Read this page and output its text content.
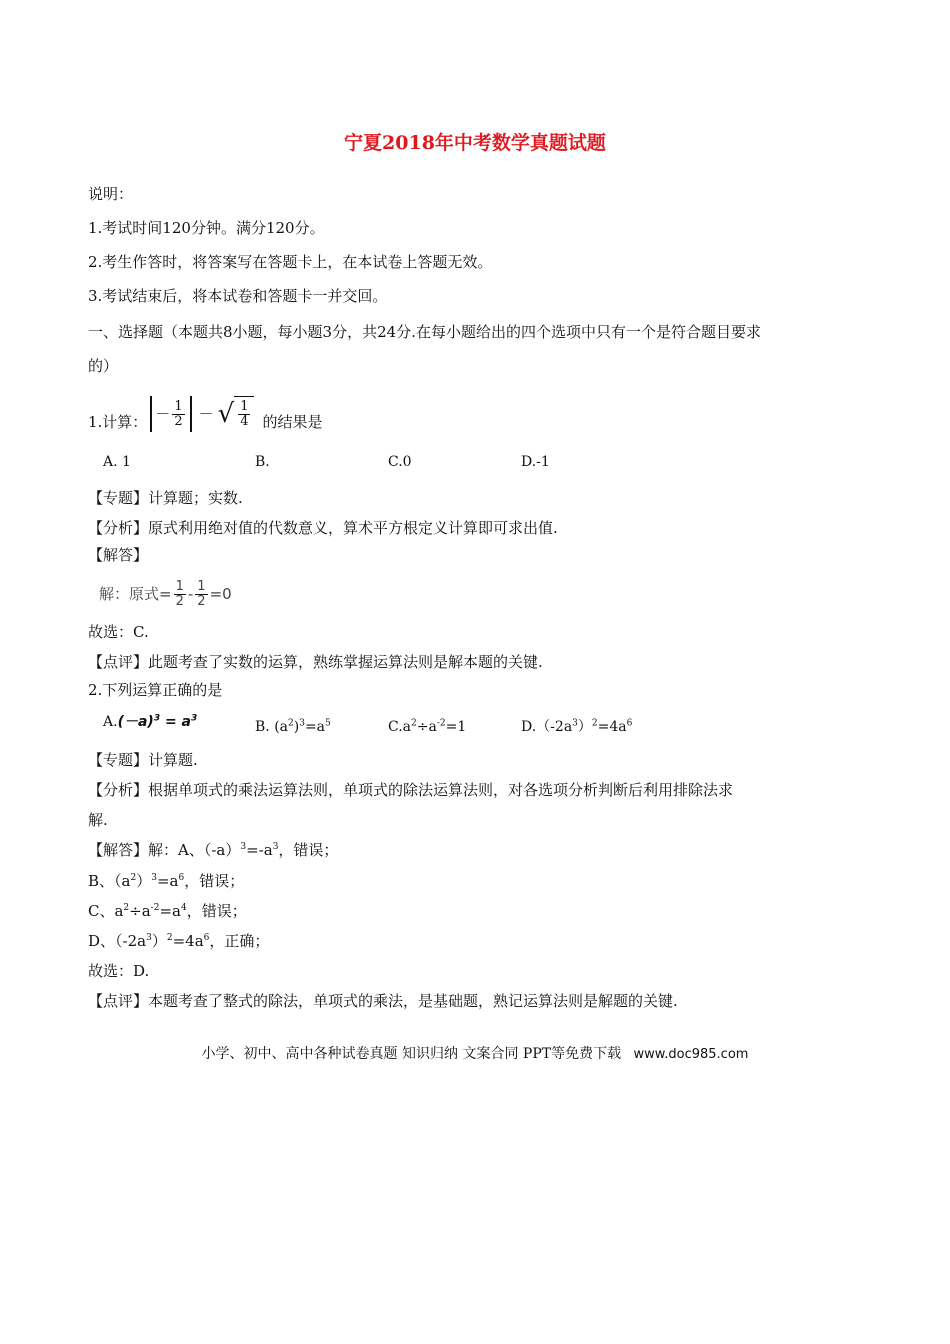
宁夏2018年中考数学真题试题
说明：
1.考试时间120分钟。满分120分。
2.考生作答时，将答案写在答题卡上，在本试卷上答题无效。
3.考试结束后，将本试卷和答题卡一并交回。
一、选择题（本题共8小题，每小题3分，共24分.在每小题给出的四个选项中只有一个是符合题目要求
的）
1.计算： － $\frac{1}{2}$ － √ $\frac{1}{4}$ 的结果是
A. 1	B.	C.0	D.-1
【专题】计算题；实数.
【分析】原式利用绝对值的代数意义，算术平方根定义计算即可求出值.
【解答】
解：原式= $\frac{1}{2} - \frac{1}{2} =0$
故选：C.
【点评】此题考查了实数的运算，熟练掌握运算法则是解本题的关键.
2.下列运算正确的是
$A.(-a)^3 = a^3$
B. $(a^2)^3=a^5$	$C.a^2\div a^{-2}=1$	$D.(-2a^3)^2=4a^6$
【专题】计算题.
【分析】根据单项式的乘法运算法则，单项式的除法运算法则，对各选项分析判断后利用排除法求
解.
【解答】解：A、$(-a)^3=-a^3$，错误；
B、$(a^2)^3=a^6$，错误；
C、$a^2\div a^{-2}=a^4$，错误；
D、$(-2a^3)^2=4a^6$，正确；
故选：D.
【点评】本题考查了整式的除法，单项式的乘法，是基础题，熟记运算法则是解题的关键.
小学、初中、高中各种试卷真题 知识归纳 文案合同 PPT等免费下载 www.doc985.com
